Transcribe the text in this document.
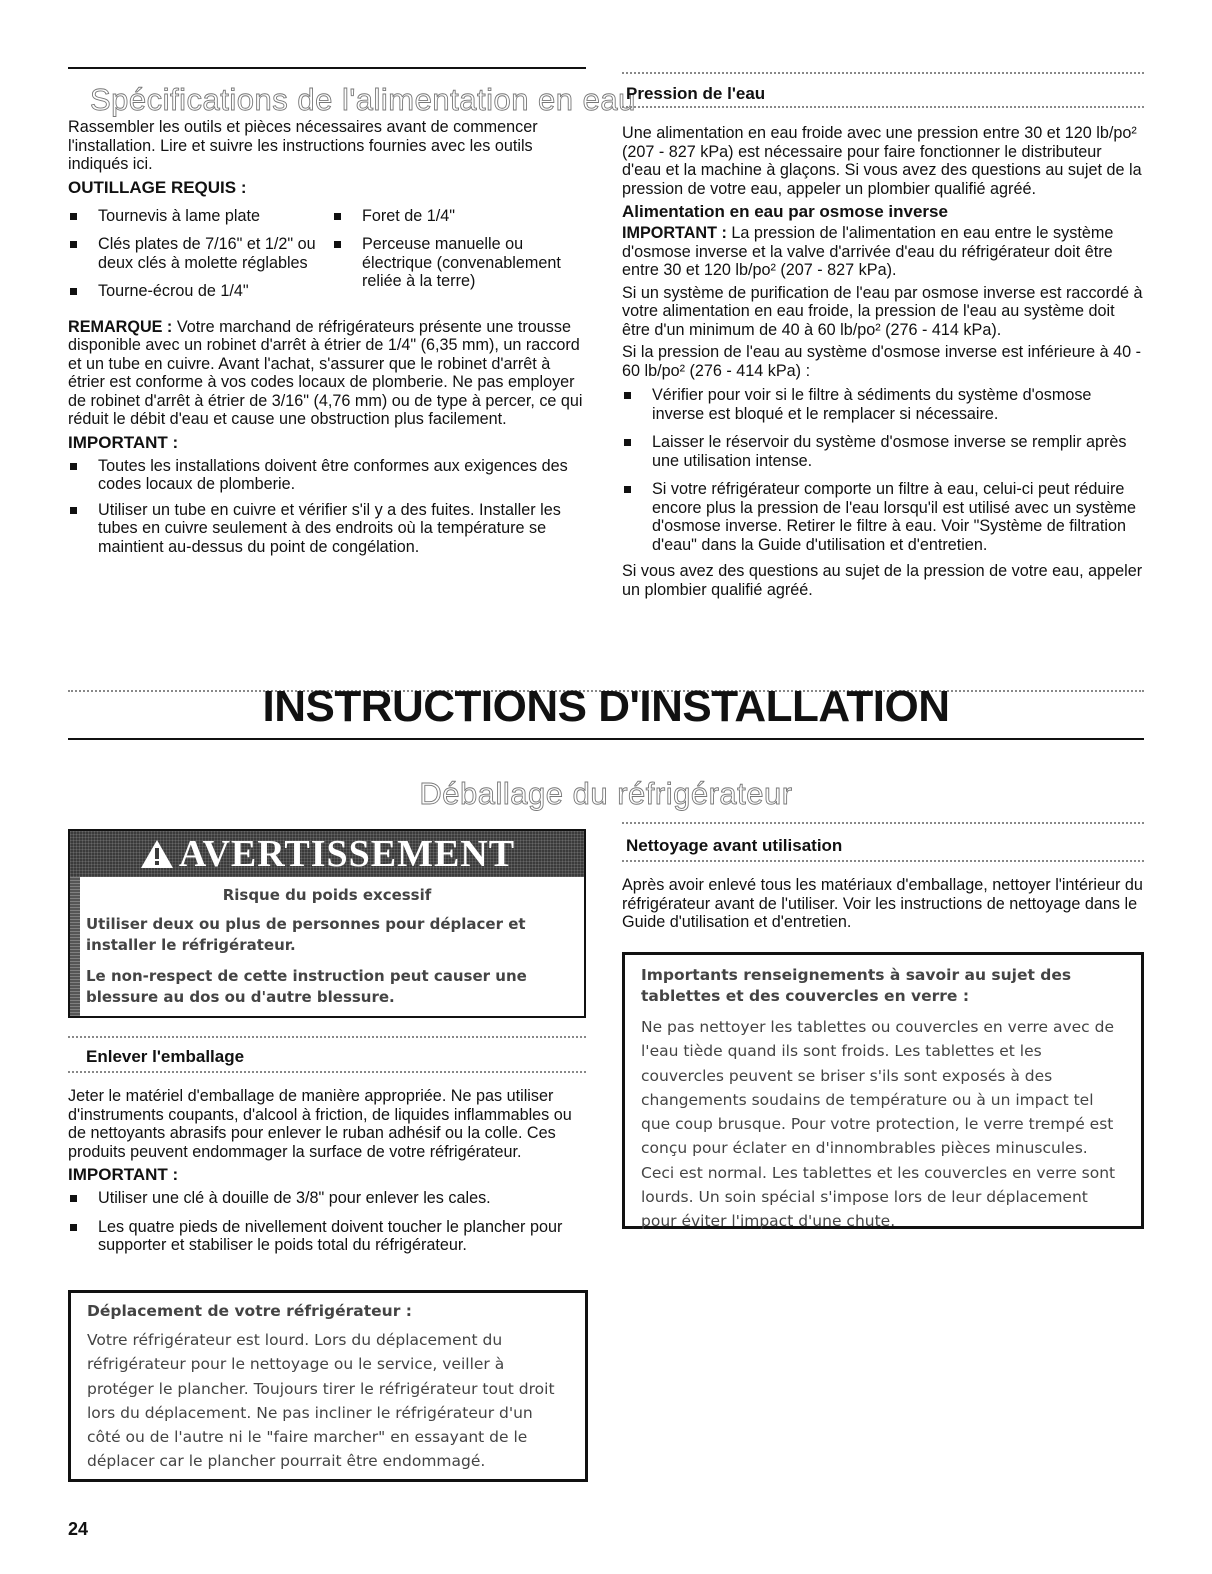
Spécifications de l'alimentation en eau

Rassembler les outils et pièces nécessaires avant de commencer l'installation. Lire et suivre les instructions fournies avec les outils indiqués ici.

OUTILLAGE REQUIS :
Tournevis à lame plate
Clés plates de 7/16" et 1/2" ou deux clés à molette réglables
Tourne-écrou de 1/4"
Foret de 1/4"
Perceuse manuelle ou électrique (convenablement reliée à la terre)

REMARQUE : Votre marchand de réfrigérateurs présente une trousse disponible avec un robinet d'arrêt à étrier de 1/4" (6,35 mm), un raccord et un tube en cuivre. Avant l'achat, s'assurer que le robinet d'arrêt à étrier est conforme à vos codes locaux de plomberie. Ne pas employer de robinet d'arrêt à étrier de 3/16" (4,76 mm) ou de type à percer, ce qui réduit le débit d'eau et cause une obstruction plus facilement.

IMPORTANT :
Toutes les installations doivent être conformes aux exigences des codes locaux de plomberie.
Utiliser un tube en cuivre et vérifier s'il y a des fuites. Installer les tubes en cuivre seulement à des endroits où la température se maintient au-dessus du point de congélation.
Pression de l'eau

Une alimentation en eau froide avec une pression entre 30 et 120 lb/po² (207 - 827 kPa) est nécessaire pour faire fonctionner le distributeur d'eau et la machine à glaçons. Si vous avez des questions au sujet de la pression de votre eau, appeler un plombier qualifié agréé.

Alimentation en eau par osmose inverse

IMPORTANT : La pression de l'alimentation en eau entre le système d'osmose inverse et la valve d'arrivée d'eau du réfrigérateur doit être entre 30 et 120 lb/po² (207 - 827 kPa).

Si un système de purification de l'eau par osmose inverse est raccordé à votre alimentation en eau froide, la pression de l'eau au système doit être d'un minimum de 40 à 60 lb/po² (276 - 414 kPa).

Si la pression de l'eau au système d'osmose inverse est inférieure à 40 - 60 lb/po² (276 - 414 kPa) :

Vérifier pour voir si le filtre à sédiments du système d'osmose inverse est bloqué et le remplacer si nécessaire.
Laisser le réservoir du système d'osmose inverse se remplir après une utilisation intense.
Si votre réfrigérateur comporte un filtre à eau, celui-ci peut réduire encore plus la pression de l'eau lorsqu'il est utilisé avec un système d'osmose inverse. Retirer le filtre à eau. Voir "Système de filtration d'eau" dans la Guide d'utilisation et d'entretien.

Si vous avez des questions au sujet de la pression de votre eau, appeler un plombier qualifié agréé.

INSTRUCTIONS D'INSTALLATION
Déballage du réfrigérateur
AVERTISSEMENT
Risque du poids excessif
Utiliser deux ou plus de personnes pour déplacer et installer le réfrigérateur.
Le non-respect de cette instruction peut causer une blessure au dos ou d'autre blessure.
Enlever l'emballage

Jeter le matériel d'emballage de manière appropriée. Ne pas utiliser d'instruments coupants, d'alcool à friction, de liquides inflammables ou de nettoyants abrasifs pour enlever le ruban adhésif ou la colle. Ces produits peuvent endommager la surface de votre réfrigérateur.

IMPORTANT :
Utiliser une clé à douille de 3/8" pour enlever les cales.
Les quatre pieds de nivellement doivent toucher le plancher pour supporter et stabiliser le poids total du réfrigérateur.
Déplacement de votre réfrigérateur :
Votre réfrigérateur est lourd. Lors du déplacement du réfrigérateur pour le nettoyage ou le service, veiller à protéger le plancher. Toujours tirer le réfrigérateur tout droit lors du déplacement. Ne pas incliner le réfrigérateur d'un côté ou de l'autre ni le "faire marcher" en essayant de le déplacer car le plancher pourrait être endommagé.
Nettoyage avant utilisation
Après avoir enlevé tous les matériaux d'emballage, nettoyer l'intérieur du réfrigérateur avant de l'utiliser. Voir les instructions de nettoyage dans le Guide d'utilisation et d'entretien.
Importants renseignements à savoir au sujet des tablettes et des couvercles en verre :
Ne pas nettoyer les tablettes ou couvercles en verre avec de l'eau tiède quand ils sont froids. Les tablettes et les couvercles peuvent se briser s'ils sont exposés à des changements soudains de température ou à un impact tel que coup brusque. Pour votre protection, le verre trempé est conçu pour éclater en d'innombrables pièces minuscules. Ceci est normal. Les tablettes et les couvercles en verre sont lourds. Un soin spécial s'impose lors de leur déplacement pour éviter l'impact d'une chute.
24
